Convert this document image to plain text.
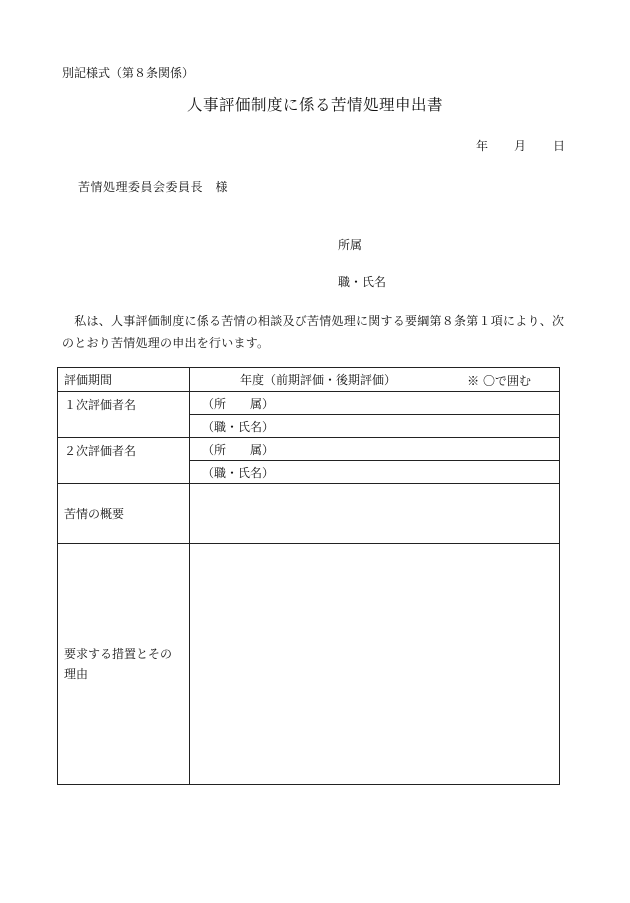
別記様式（第８条関係）
人事評価制度に係る苦情処理申出書
年 月 日
苦情処理委員会委員長　様
所属
職・氏名
　私は、人事評価制度に係る苦情の相談及び苦情処理に関する要綱第８条第１項により、次のとおり苦情処理の申出を行います。
評価期間	年度（前期評価・後期評価） ※ 〇で囲む

１次評価者名	（所　　属）
	（職・氏名）
２次評価者名	（所　　属）
	（職・氏名）
苦情の概要	

要求する措置とその理由	
